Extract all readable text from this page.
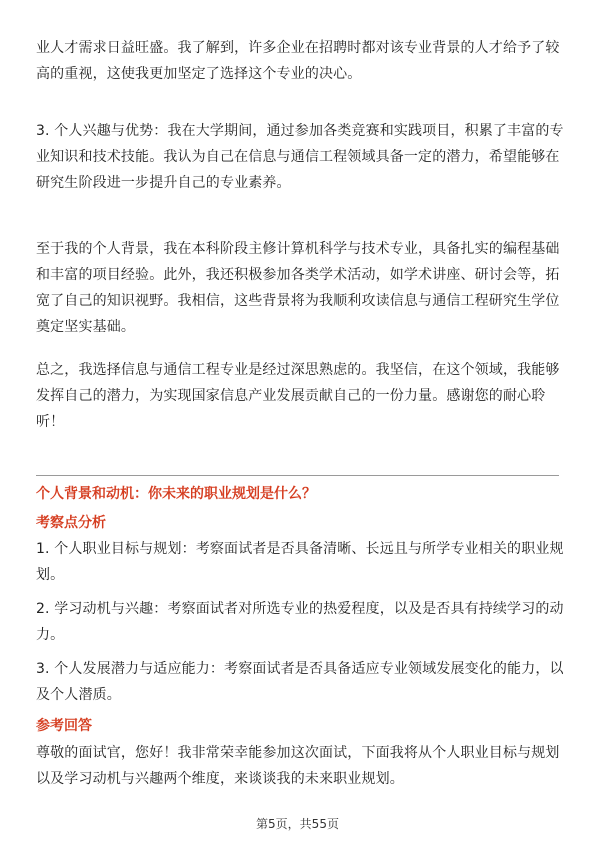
业人才需求日益旺盛。我了解到，许多企业在招聘时都对该专业背景的人才给予了较高的重视，这使我更加坚定了选择这个专业的决心。

3. 个人兴趣与优势：我在大学期间，通过参加各类竞赛和实践项目，积累了丰富的专业知识和技术技能。我认为自己在信息与通信工程领域具备一定的潜力，希望能够在研究生阶段进一步提升自己的专业素养。

至于我的个人背景，我在本科阶段主修计算机科学与技术专业，具备扎实的编程基础和丰富的项目经验。此外，我还积极参加各类学术活动，如学术讲座、研讨会等，拓宽了自己的知识视野。我相信，这些背景将为我顺利攻读信息与通信工程研究生学位奠定坚实基础。

总之，我选择信息与通信工程专业是经过深思熟虑的。我坚信，在这个领域，我能够发挥自己的潜力，为实现国家信息产业发展贡献自己的一份力量。感谢您的耐心聆听！

个人背景和动机：你未来的职业规划是什么？

考察点分析

1. 个人职业目标与规划：考察面试者是否具备清晰、长远且与所学专业相关的职业规划。

2. 学习动机与兴趣：考察面试者对所选专业的热爱程度，以及是否具有持续学习的动力。

3. 个人发展潜力与适应能力：考察面试者是否具备适应专业领域发展变化的能力，以及个人潜质。

参考回答

尊敬的面试官，您好！我非常荣幸能参加这次面试，下面我将从个人职业目标与规划以及学习动机与兴趣两个维度，来谈谈我的未来职业规划。

第5页，共55页
